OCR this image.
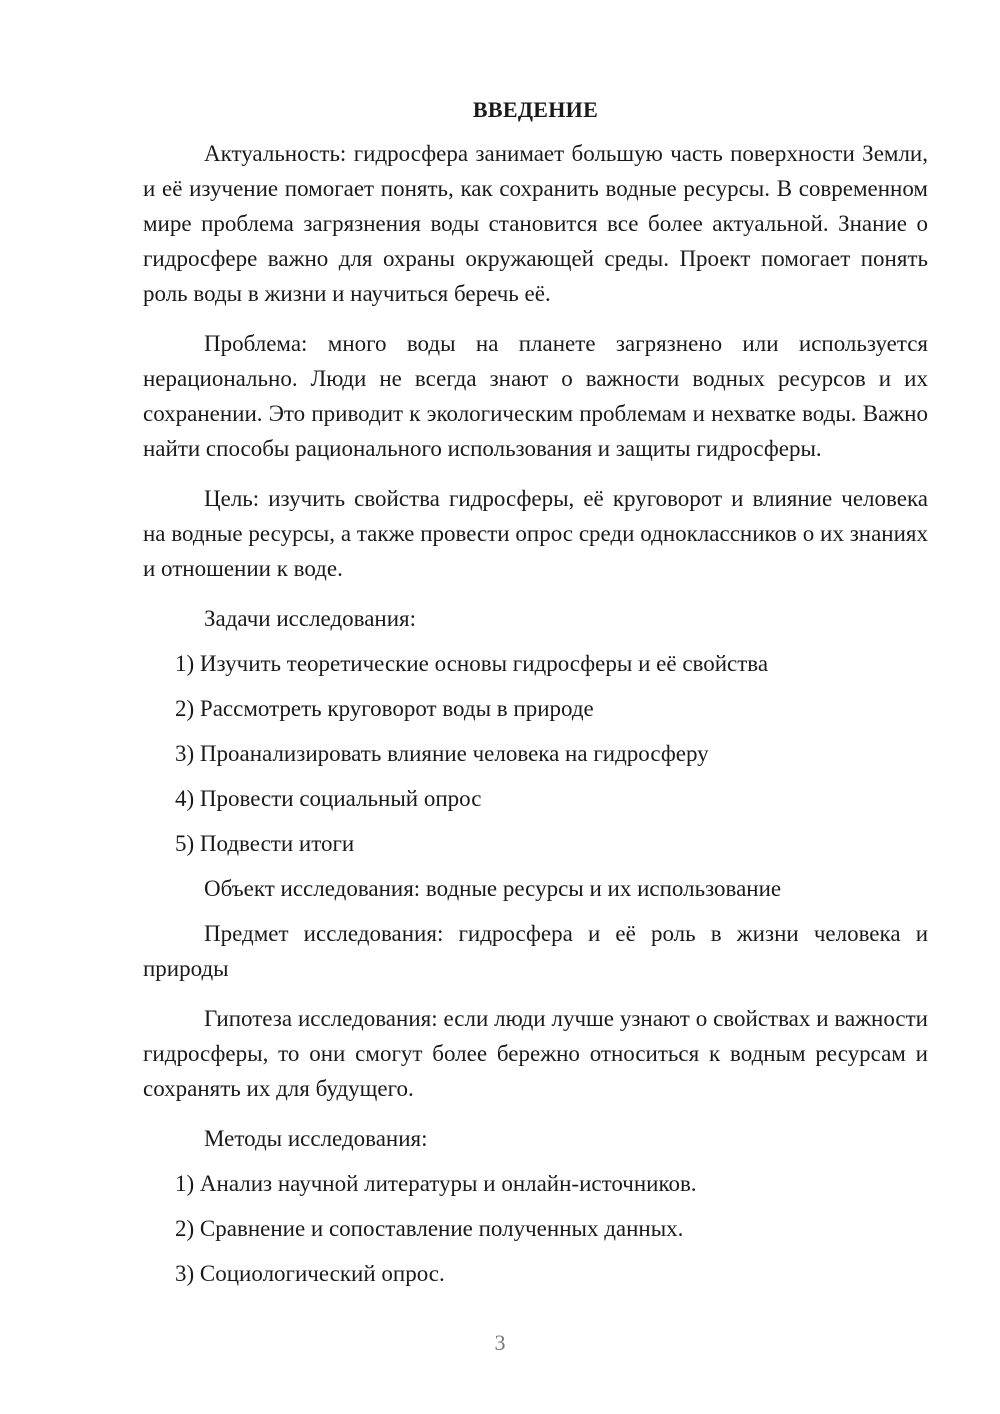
ВВЕДЕНИЕ

Актуальность: гидросфера занимает большую часть поверхности Земли, и её изучение помогает понять, как сохранить водные ресурсы. В современном мире проблема загрязнения воды становится все более актуальной. Знание о гидросфере важно для охраны окружающей среды. Проект помогает понять роль воды в жизни и научиться беречь её.

Проблема: много воды на планете загрязнено или используется нерационально. Люди не всегда знают о важности водных ресурсов и их сохранении. Это приводит к экологическим проблемам и нехватке воды. Важно найти способы рационального использования и защиты гидросферы.

Цель: изучить свойства гидросферы, её круговорот и влияние человека на водные ресурсы, а также провести опрос среди одноклассников о их знаниях и отношении к воде.

Задачи исследования:

1) Изучить теоретические основы гидросферы и её свойства
2) Рассмотреть круговорот воды в природе
3) Проанализировать влияние человека на гидросферу
4) Провести социальный опрос
5) Подвести итоги

Объект исследования: водные ресурсы и их использование

Предмет исследования: гидросфера и её роль в жизни человека и природы

Гипотеза исследования: если люди лучше узнают о свойствах и важности гидросферы, то они смогут более бережно относиться к водным ресурсам и сохранять их для будущего.

Методы исследования:

1) Анализ научной литературы и онлайн-источников.
2) Сравнение и сопоставление полученных данных.
3) Социологический опрос.
3
